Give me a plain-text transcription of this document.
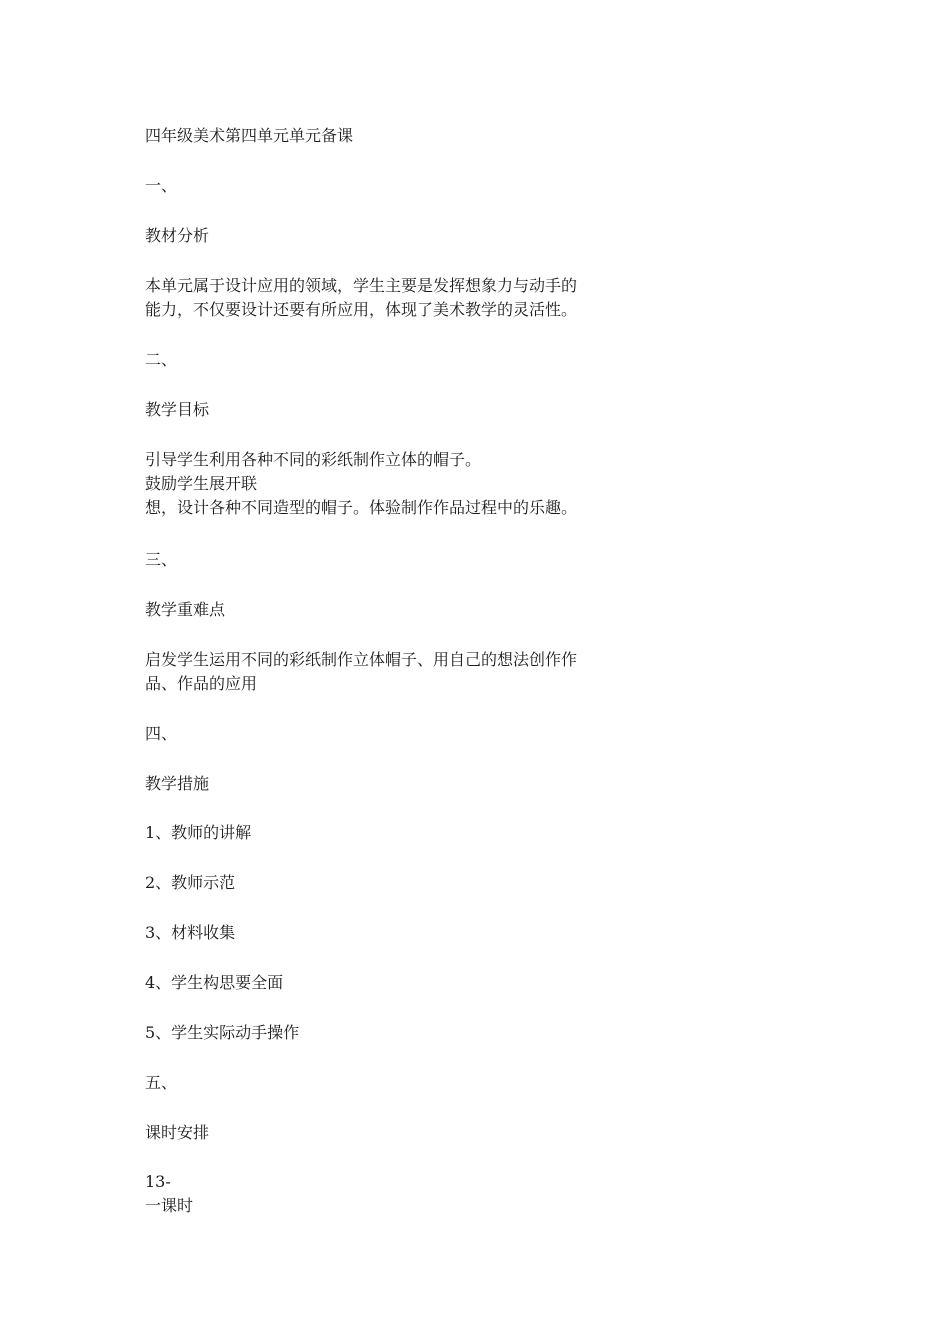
四年级美术第四单元单元备课

一、

教材分析

本单元属于设计应用的领域，学生主要是发挥想象力与动手的

能力，不仅要设计还要有所应用，体现了美术教学的灵活性。

二、

教学目标

引导学生利用各种不同的彩纸制作立体的帽子。

鼓励学生展开联

想，设计各种不同造型的帽子。体验制作作品过程中的乐趣。

三、

教学重难点

启发学生运用不同的彩纸制作立体帽子、用自己的想法创作作

品、作品的应用

四、

教学措施

1、教师的讲解

2、教师示范

3、材料收集

4、学生构思要全面

5、学生实际动手操作

五、

课时安排

13-

一课时
